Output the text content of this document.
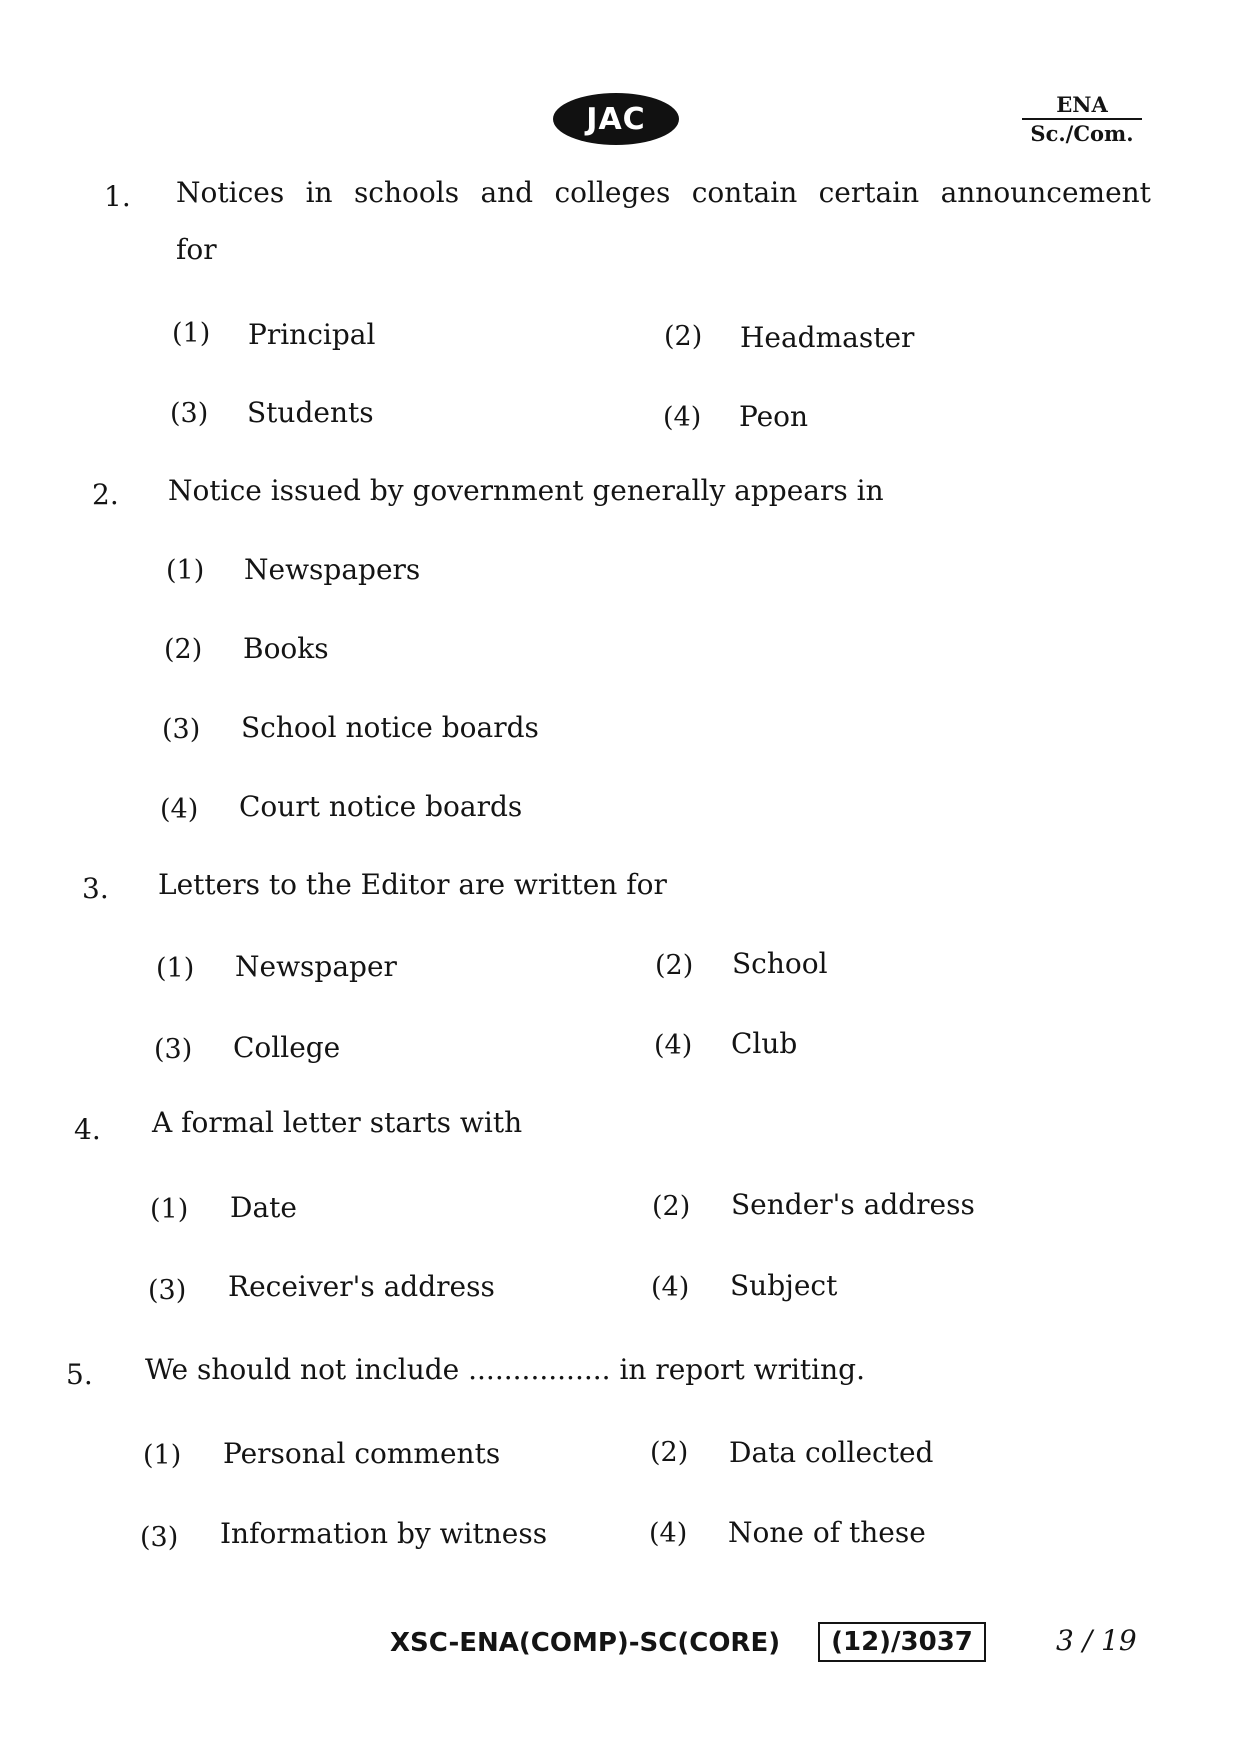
JAC	ENA
Sc./Com.
1. Notices in schools and colleges contain certain announcement
for
(1) Principal	(2) Headmaster
(3) Students	(4) Peon
2. Notice issued by government generally appears in
(1) Newspapers
(2) Books
(3) School notice boards
(4) Court notice boards
3. Letters to the Editor are written for
(1) Newspaper	(2) School
(3) College	(4) Club
4. A formal letter starts with
(1) Date	(2) Sender's address
(3) Receiver's address	(4) Subject
5. We should not include ................ in report writing.
(1) Personal comments	(2) Data collected
(3) Information by witness	(4) None of these
XSC-ENA(COMP)-SC(CORE) (12)/3037	3 / 19
